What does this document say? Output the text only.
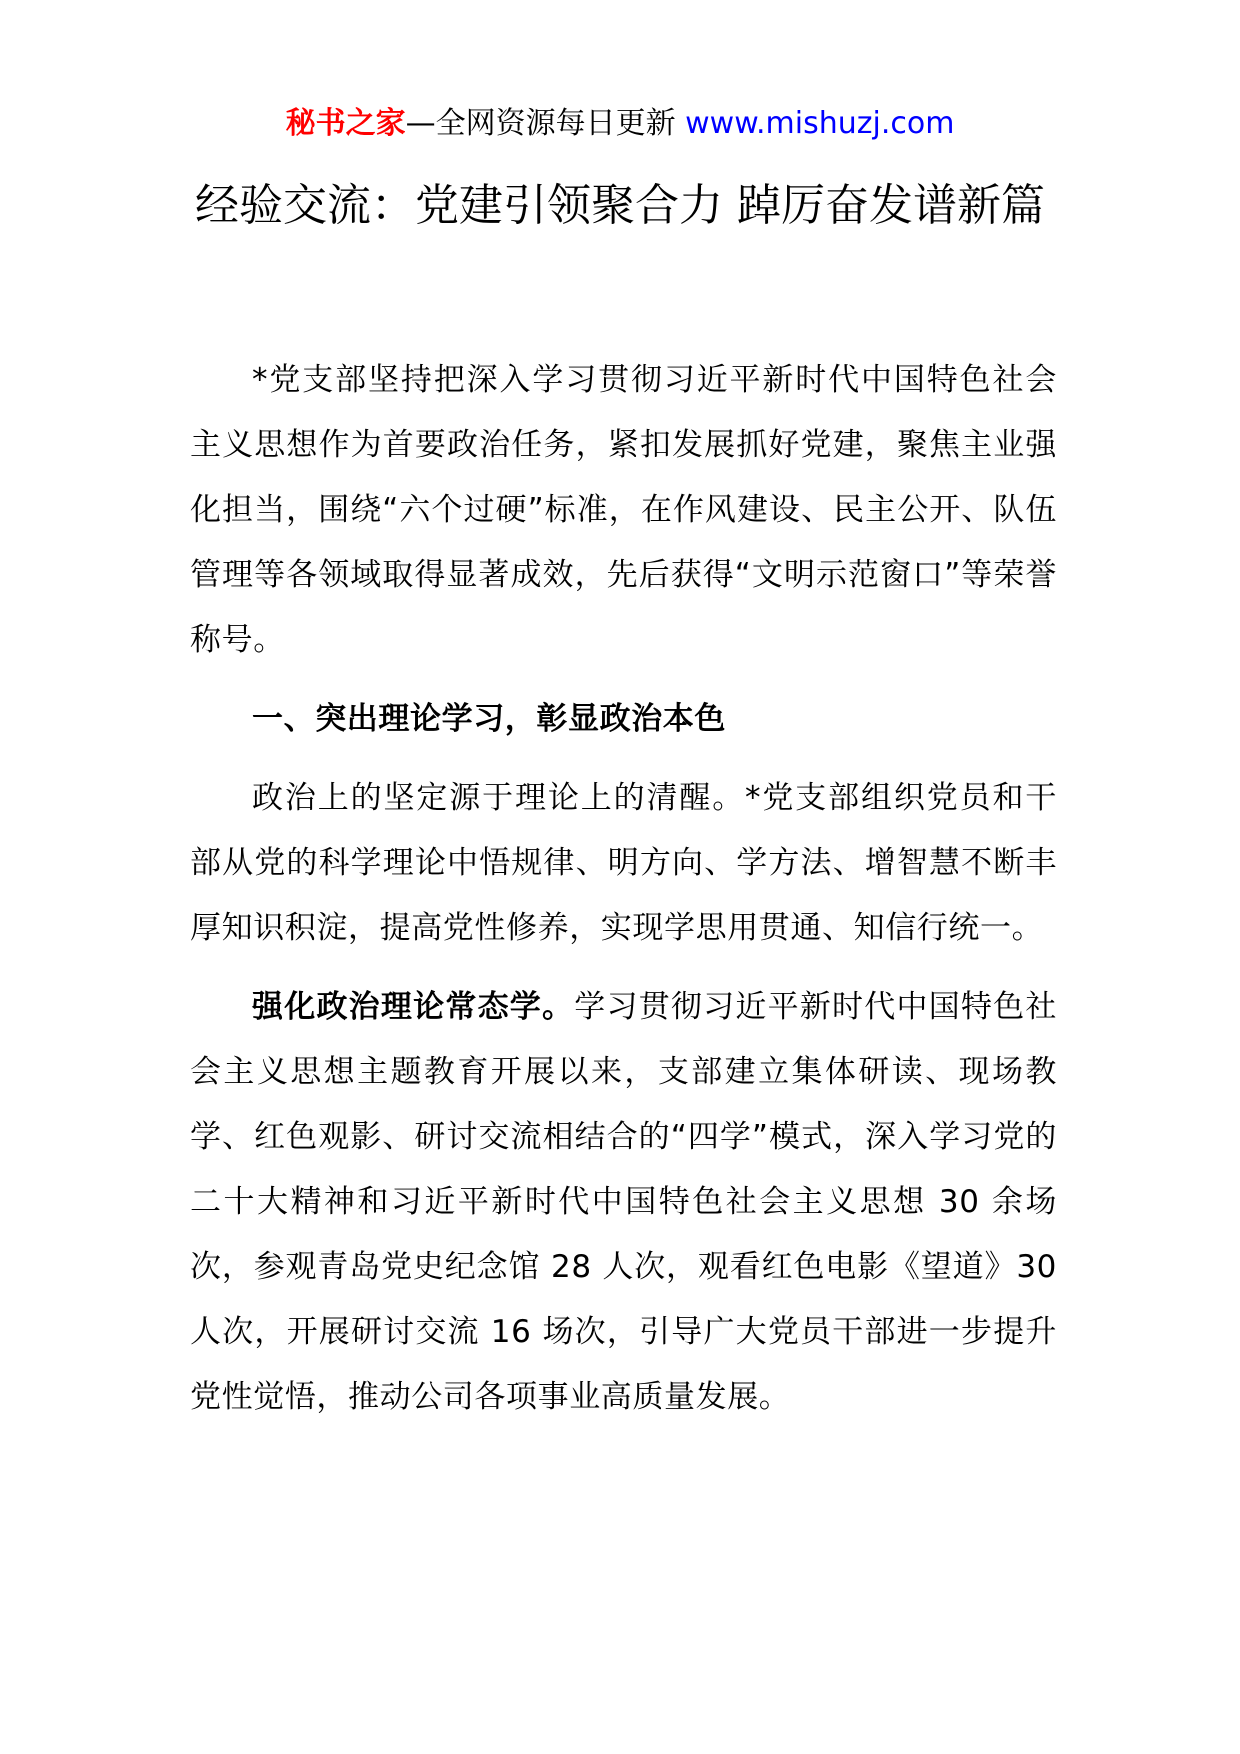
秘书之家—全网资源每日更新 www.mishuzj.com
经验交流：党建引领聚合力 踔厉奋发谱新篇

*党支部坚持把深入学习贯彻习近平新时代中国特色社会主义思想作为首要政治任务，紧扣发展抓好党建，聚焦主业强化担当，围绕“六个过硬”标准，在作风建设、民主公开、队伍管理等各领域取得显著成效，先后获得“文明示范窗口”等荣誉称号。

一、突出理论学习，彰显政治本色

政治上的坚定源于理论上的清醒。*党支部组织党员和干部从党的科学理论中悟规律、明方向、学方法、增智慧不断丰厚知识积淀，提高党性修养，实现学思用贯通、知信行统一。

强化政治理论常态学。学习贯彻习近平新时代中国特色社会主义思想主题教育开展以来，支部建立集体研读、现场教学、红色观影、研讨交流相结合的“四学”模式，深入学习党的二十大精神和习近平新时代中国特色社会主义思想 30 余场次，参观青岛党史纪念馆 28 人次，观看红色电影《望道》30 人次，开展研讨交流 16 场次，引导广大党员干部进一步提升党性觉悟，推动公司各项事业高质量发展。
